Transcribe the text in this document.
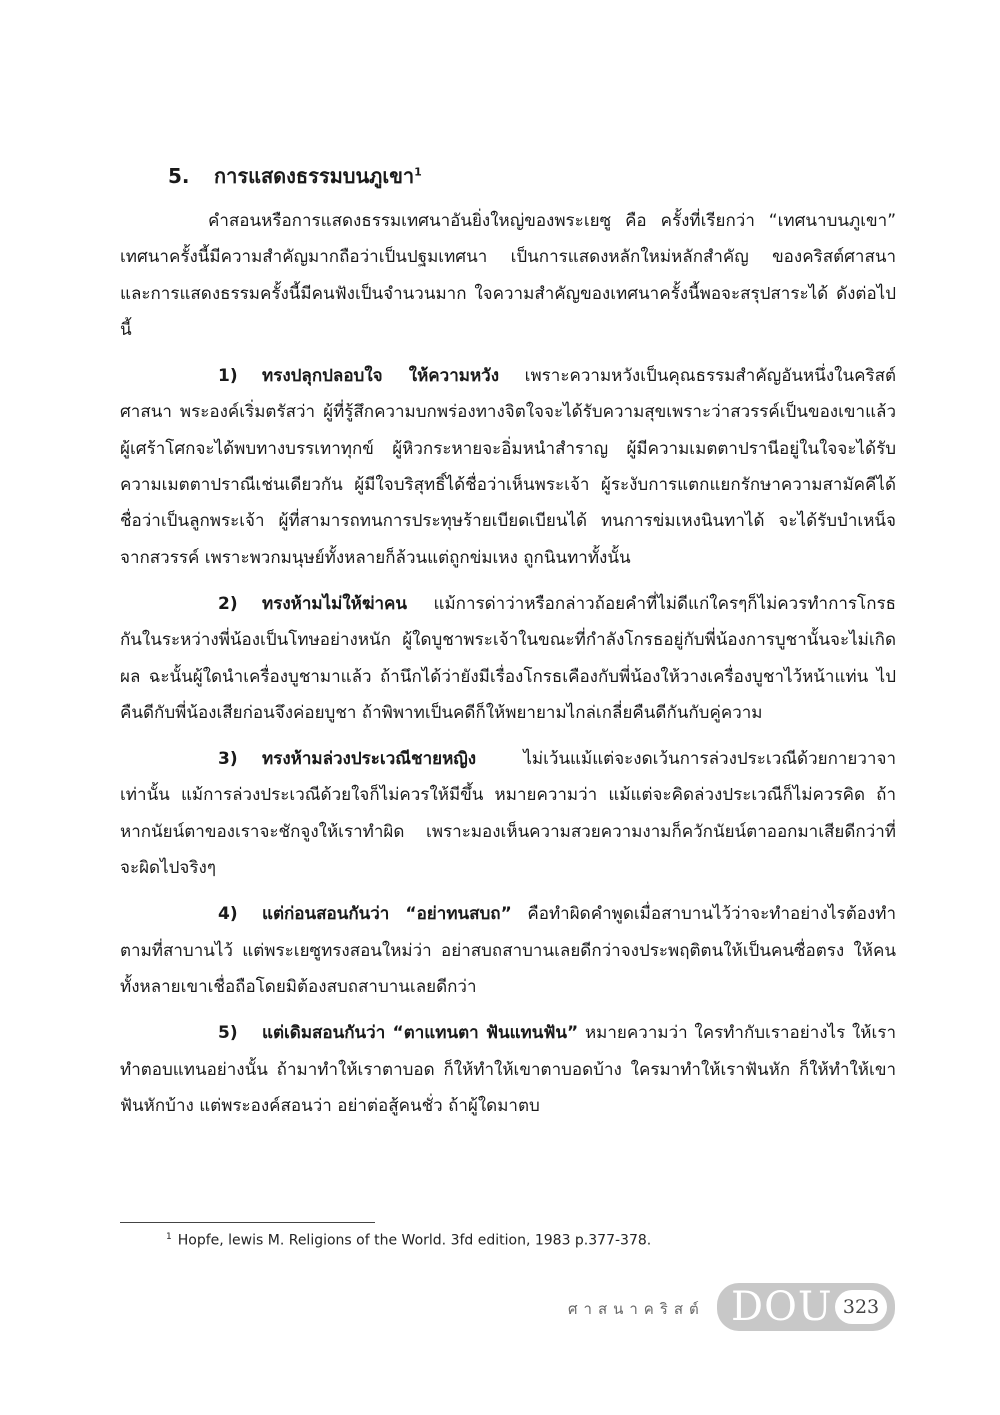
5. การแสดงธรรมบนภูเขา$^1$

คำสอนหรือการแสดงธรรมเทศนาอันยิ่งใหญ่ของพระเยซู คือ ครั้งที่เรียกว่า “เทศนาบนภูเขา” เทศนาครั้งนี้มีความสำคัญมากถือว่าเป็นปฐมเทศนา เป็นการแสดงหลักใหม่หลักสำคัญ ของคริสต์ศาสนา และการแสดงธรรมครั้งนี้มีคนฟังเป็นจำนวนมาก ใจความสำคัญของเทศนาครั้งนี้พอจะสรุปสาระได้ ดังต่อไปนี้

1) ทรงปลุกปลอบใจ ให้ความหวัง เพราะความหวังเป็นคุณธรรมสำคัญอันหนึ่งในคริสต์ศาสนา พระองค์เริ่มตรัสว่า ผู้ที่รู้สึกความบกพร่องทางจิตใจจะได้รับความสุขเพราะว่าสวรรค์เป็นของเขาแล้ว ผู้เศร้าโศกจะได้พบทางบรรเทาทุกข์ ผู้หิวกระหายจะอิ่มหนำสำราญ ผู้มีความเมตตาปรานีอยู่ในใจจะได้รับความเมตตาปราณีเช่นเดียวกัน ผู้มีใจบริสุทธิ์ได้ชื่อว่าเห็นพระเจ้า ผู้ระงับการแตกแยกรักษาความสามัคคีได้ชื่อว่าเป็นลูกพระเจ้า ผู้ที่สามารถทนการประทุษร้ายเบียดเบียนได้ ทนการข่มเหงนินทาได้ จะได้รับบำเหน็จจากสวรรค์ เพราะพวกมนุษย์ทั้งหลายก็ล้วนแต่ถูกข่มเหง ถูกนินทาทั้งนั้น

2) ทรงห้ามไม่ให้ฆ่าคน แม้การด่าว่าหรือกล่าวถ้อยคำที่ไม่ดีแก่ใครๆก็ไม่ควรทำการโกรธกันในระหว่างพี่น้องเป็นโทษอย่างหนัก ผู้ใดบูชาพระเจ้าในขณะที่กำลังโกรธอยู่กับพี่น้องการบูชานั้นจะไม่เกิดผล ฉะนั้นผู้ใดนำเครื่องบูชามาแล้ว ถ้านึกได้ว่ายังมีเรื่องโกรธเคืองกับพี่น้องให้วางเครื่องบูชาไว้หน้าแท่น ไปคืนดีกับพี่น้องเสียก่อนจึงค่อยบูชา ถ้าพิพาทเป็นคดีก็ให้พยายามไกล่เกลี่ยคืนดีกันกับคู่ความ

3) ทรงห้ามล่วงประเวณีชายหญิง ไม่เว้นแม้แต่จะงดเว้นการล่วงประเวณีด้วยกายวาจาเท่านั้น แม้การล่วงประเวณีด้วยใจก็ไม่ควรให้มีขึ้น หมายความว่า แม้แต่จะคิดล่วงประเวณีก็ไม่ควรคิด ถ้าหากนัยน์ตาของเราจะชักจูงให้เราทำผิด เพราะมองเห็นความสวยความงามก็ควักนัยน์ตาออกมาเสียดีกว่าที่จะผิดไปจริงๆ

4) แต่ก่อนสอนกันว่า “อย่าทนสบถ” คือทำผิดคำพูดเมื่อสาบานไว้ว่าจะทำอย่างไรต้องทำตามที่สาบานไว้ แต่พระเยซูทรงสอนใหม่ว่า อย่าสบถสาบานเลยดีกว่าจงประพฤติตนให้เป็นคนซื่อตรง ให้คนทั้งหลายเขาเชื่อถือโดยมิต้องสบถสาบานเลยดีกว่า

5) แต่เดิมสอนกันว่า “ตาแทนตา ฟันแทนฟัน” หมายความว่า ใครทำกับเราอย่างไร ให้เราทำตอบแทนอย่างนั้น ถ้ามาทำให้เราตาบอด ก็ให้ทำให้เขาตาบอดบ้าง ใครมาทำให้เราฟันหัก ก็ให้ทำให้เขาฟันหักบ้าง แต่พระองค์สอนว่า อย่าต่อสู้คนชั่ว ถ้าผู้ใดมาตบ

$^1$ Hopfe, lewis M. Religions of the World. 3fd edition, 1983 p.377-378.
ศาสนาคริสต์ DOU 323
